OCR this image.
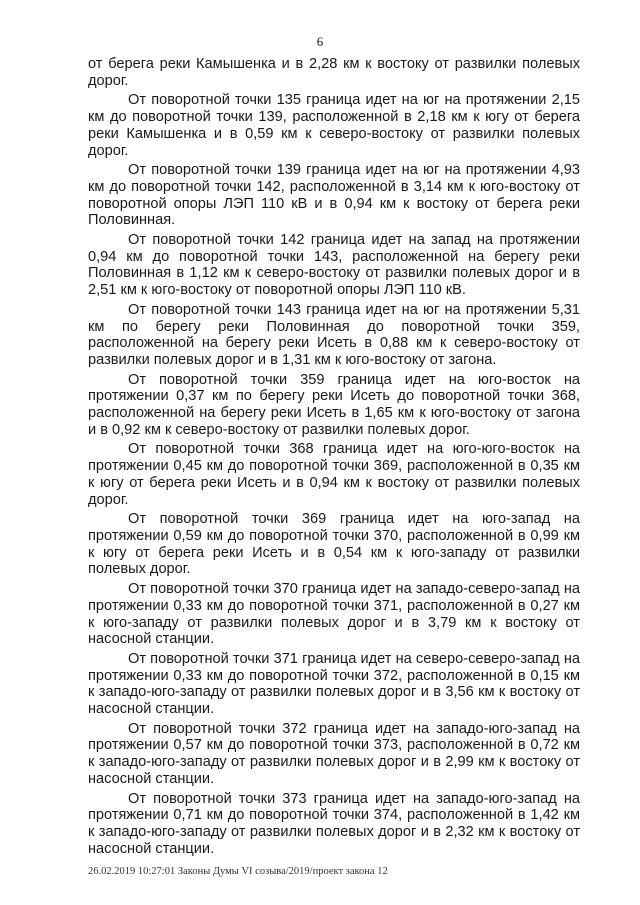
6

от берега реки Камышенка и в 2,28 км к востоку от развилки полевых дорог.

От поворотной точки 135 граница идет на юг на протяжении 2,15 км до поворотной точки 139, расположенной в 2,18 км к югу от берега реки Камышенка и в 0,59 км к северо-востоку от развилки полевых дорог.

От поворотной точки 139 граница идет на юг на протяжении 4,93 км до поворотной точки 142, расположенной в 3,14 км к юго-востоку от поворотной опоры ЛЭП 110 кВ и в 0,94 км к востоку от берега реки Половинная.

От поворотной точки 142 граница идет на запад на протяжении 0,94 км до поворотной точки 143, расположенной на берегу реки Половинная в 1,12 км к северо-востоку от развилки полевых дорог и в 2,51 км к юго-востоку от поворотной опоры ЛЭП 110 кВ.

От поворотной точки 143 граница идет на юг на протяжении 5,31 км по берегу реки Половинная до поворотной точки 359, расположенной на берегу реки Исеть в 0,88 км к северо-востоку от развилки полевых дорог и в 1,31 км к юго-востоку от загона.

От поворотной точки 359 граница идет на юго-восток на протяжении 0,37 км по берегу реки Исеть до поворотной точки 368, расположенной на берегу реки Исеть в 1,65 км к юго-востоку от загона и в 0,92 км к северо-востоку от развилки полевых дорог.

От поворотной точки 368 граница идет на юго-юго-восток на протяжении 0,45 км до поворотной точки 369, расположенной в 0,35 км к югу от берега реки Исеть и в 0,94 км к востоку от развилки полевых дорог.

От поворотной точки 369 граница идет на юго-запад на протяжении 0,59 км до поворотной точки 370, расположенной в 0,99 км к югу от берега реки Исеть и в 0,54 км к юго-западу от развилки полевых дорог.

От поворотной точки 370 граница идет на западо-северо-запад на протяжении 0,33 км до поворотной точки 371, расположенной в 0,27 км к юго-западу от развилки полевых дорог и в 3,79 км к востоку от насосной станции.

От поворотной точки 371 граница идет на северо-северо-запад на протяжении 0,33 км до поворотной точки 372, расположенной в 0,15 км к западо-юго-западу от развилки полевых дорог и в 3,56 км к востоку от насосной станции.

От поворотной точки 372 граница идет на западо-юго-запад на протяжении 0,57 км до поворотной точки 373, расположенной в 0,72 км к западо-юго-западу от развилки полевых дорог и в 2,99 км к востоку от насосной станции.

От поворотной точки 373 граница идет на западо-юго-запад на протяжении 0,71 км до поворотной точки 374, расположенной в 1,42 км к западо-юго-западу от развилки полевых дорог и в 2,32 км к востоку от насосной станции.

26.02.2019 10:27:01 Законы Думы VI созыва/2019/проект закона 12
